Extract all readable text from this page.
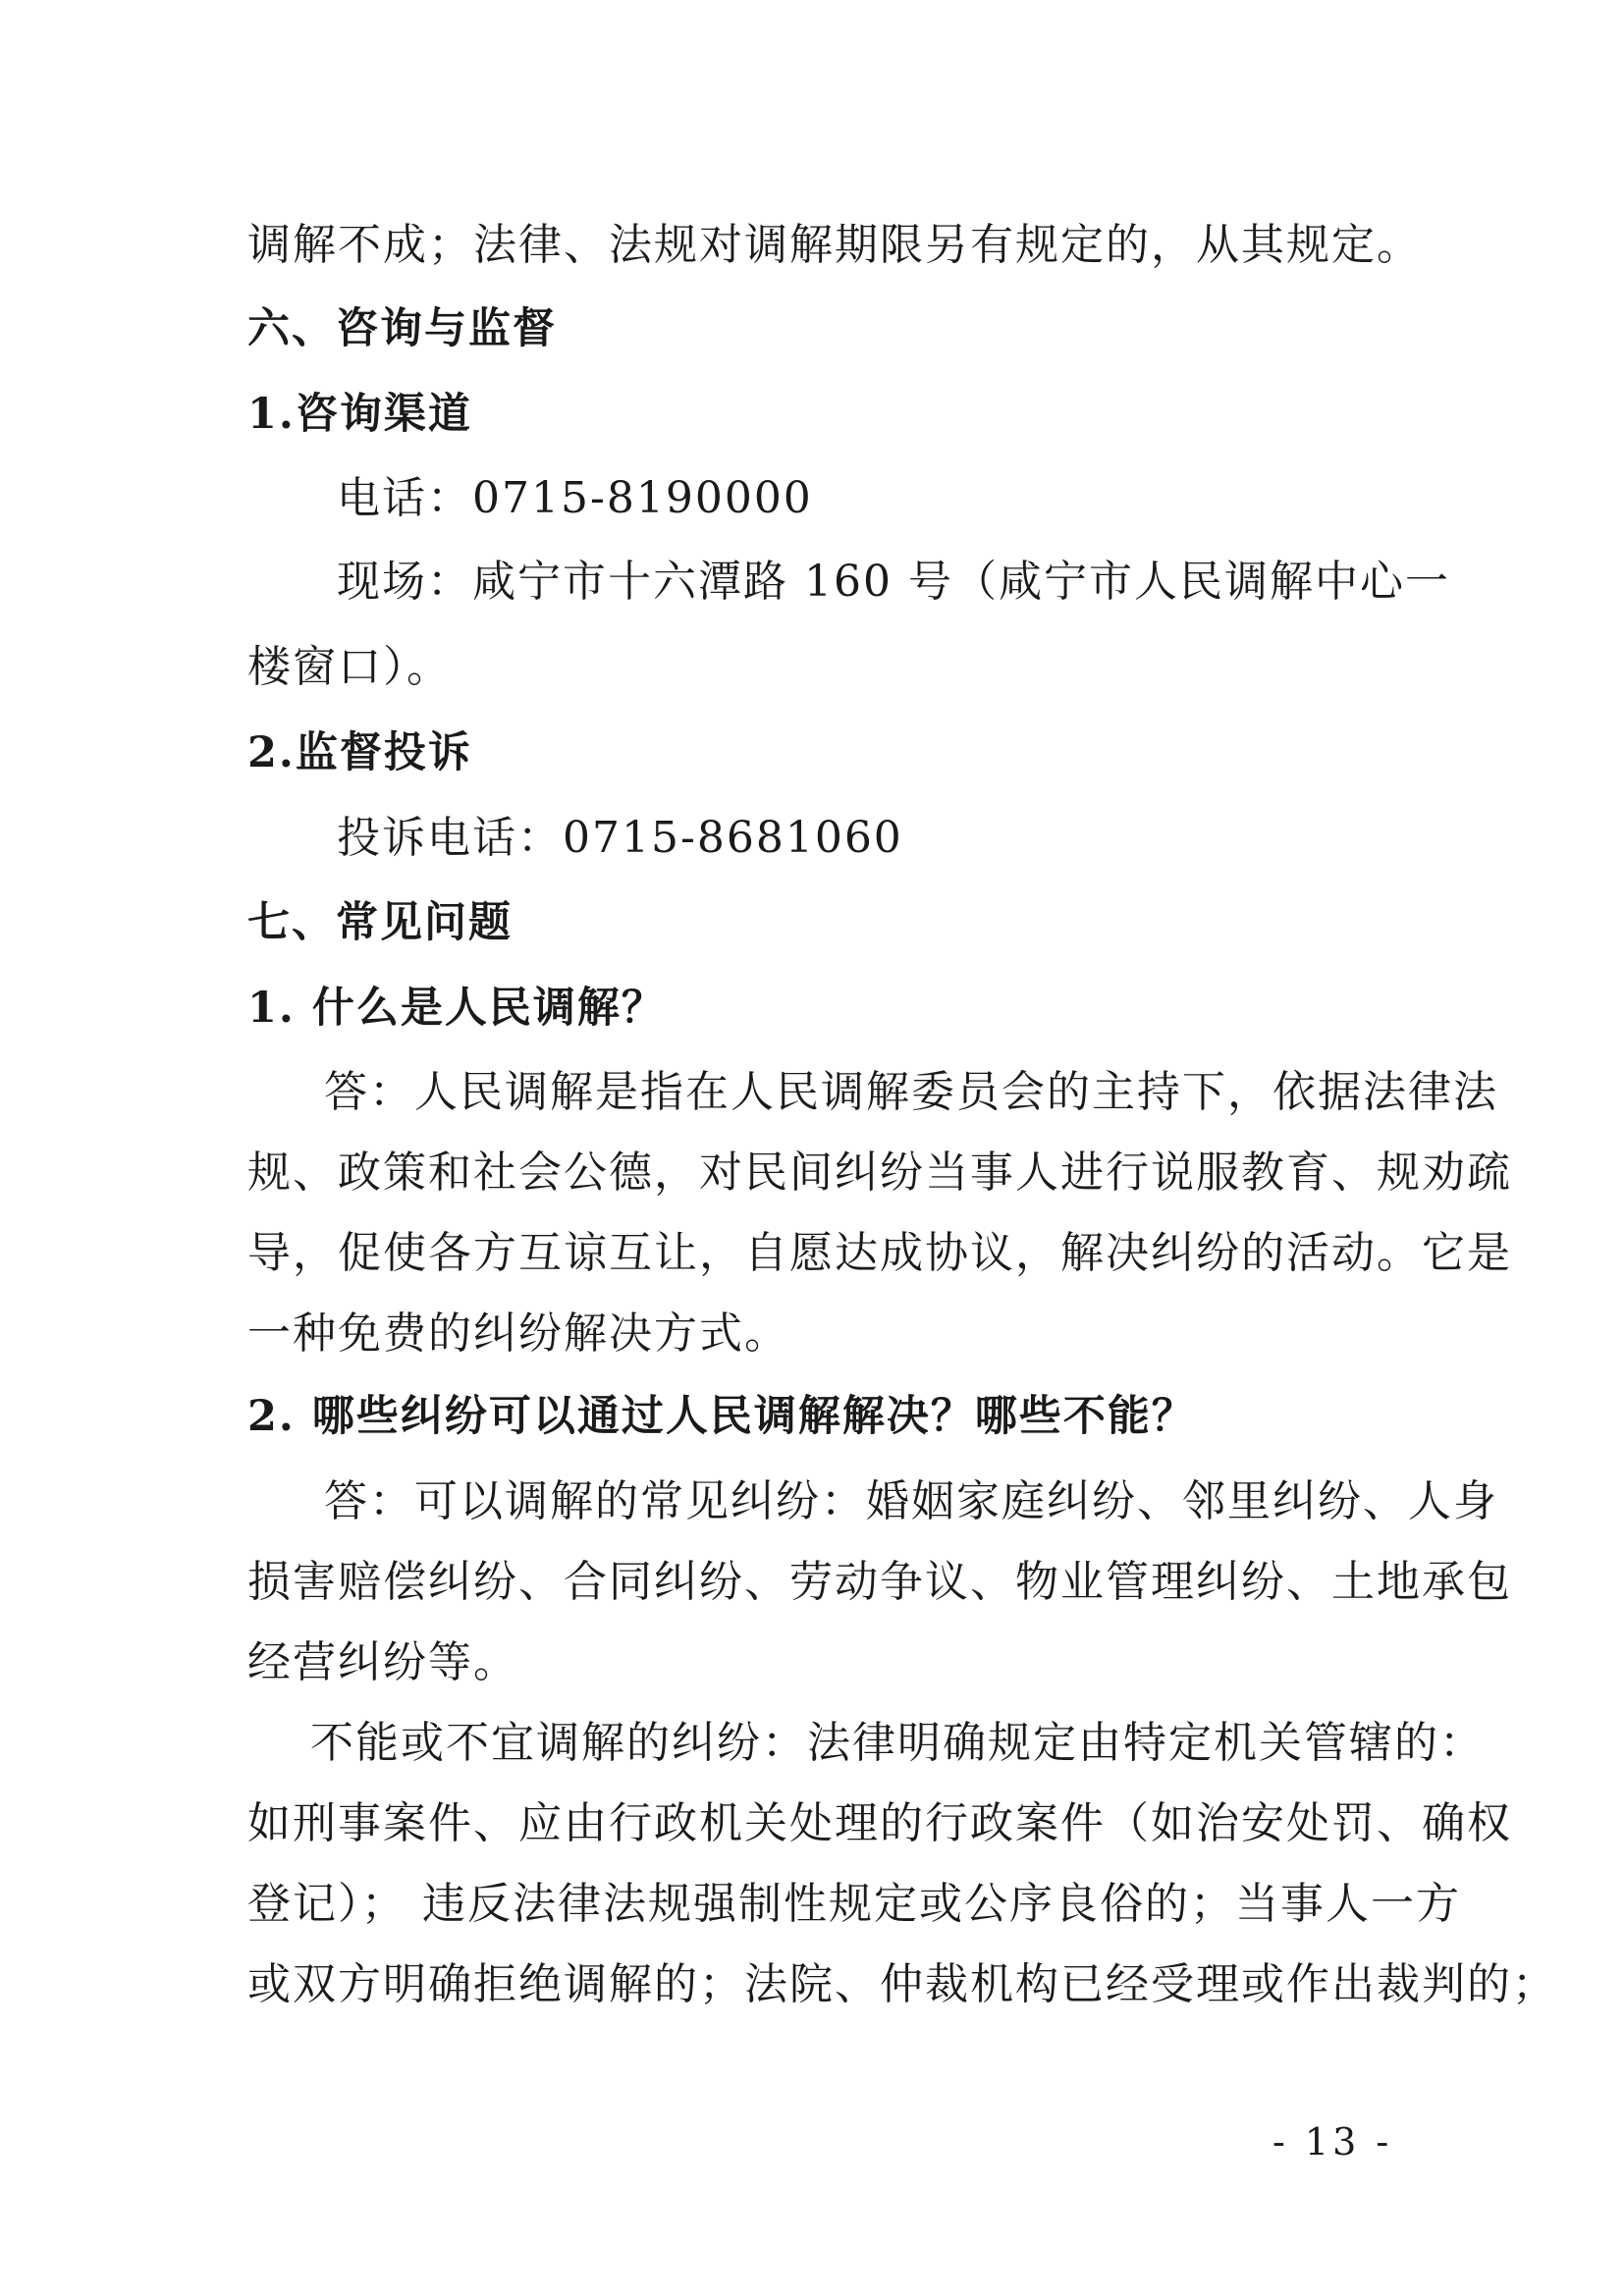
调解不成；法律、法规对调解期限另有规定的，从其规定。
六、咨询与监督
1.咨询渠道
电话：0715-8190000
现场：咸宁市十六潭路 160 号（咸宁市人民调解中心一
楼窗口）。
2.监督投诉
投诉电话：0715-8681060
七、常见问题
1. 什么是人民调解？
答：人民调解是指在人民调解委员会的主持下，依据法律法
规、政策和社会公德，对民间纠纷当事人进行说服教育、规劝疏
导，促使各方互谅互让，自愿达成协议，解决纠纷的活动。它是
一种免费的纠纷解决方式。
2. 哪些纠纷可以通过人民调解解决？哪些不能？
答：可以调解的常见纠纷：婚姻家庭纠纷、邻里纠纷、人身
损害赔偿纠纷、合同纠纷、劳动争议、物业管理纠纷、土地承包
经营纠纷等。
不能或不宜调解的纠纷：法律明确规定由特定机关管辖的：
如刑事案件、应由行政机关处理的行政案件（如治安处罚、确权
登记）； 违反法律法规强制性规定或公序良俗的；当事人一方
或双方明确拒绝调解的；法院、仲裁机构已经受理或作出裁判的；
- 13 -
